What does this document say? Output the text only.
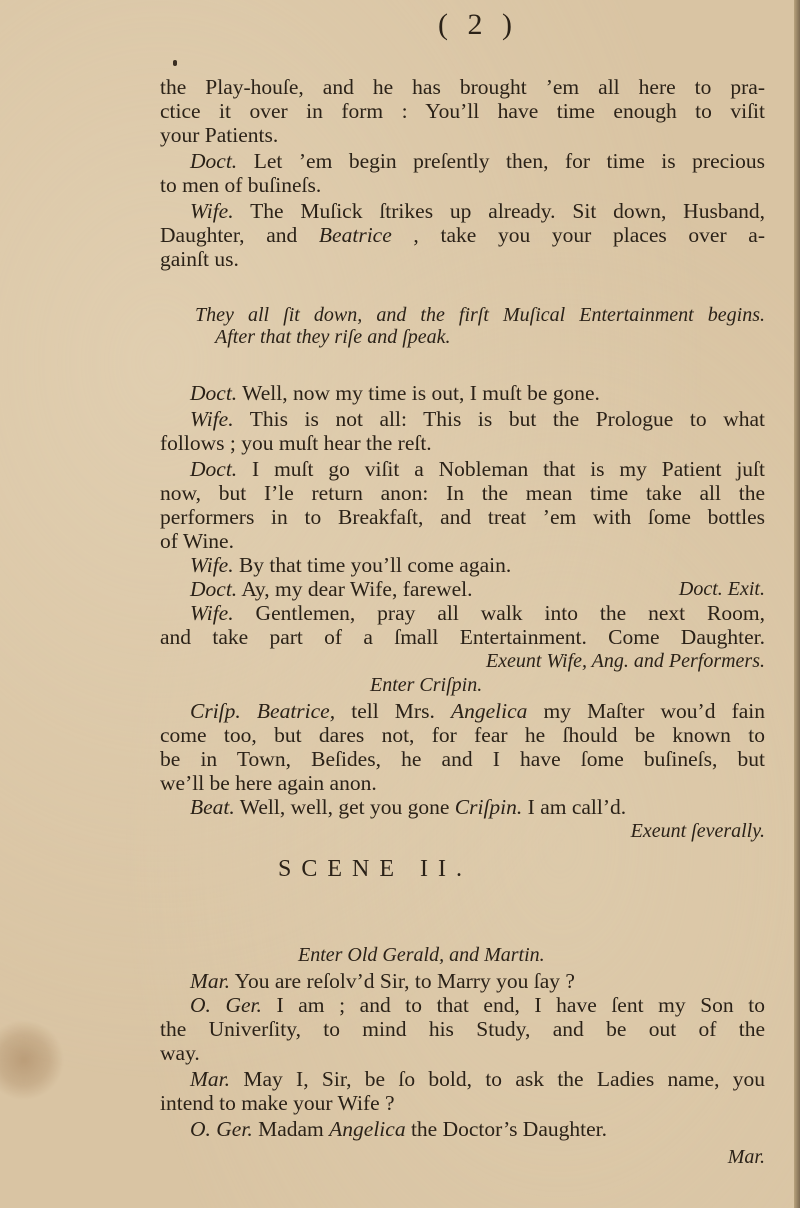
( 2 )
the Play-houſe, and he has brought ’em all here to pra-
ctice it over in form : You’ll have time enough to viſit
your Patients.
Doct. Let ’em begin preſently then, for time is precious
to men of buſineſs.
Wife. The Muſick ſtrikes up already. Sit down, Husband,
Daughter, and Beatrice , take you your places over a-
gainſt us.
They all ſit down, and the firſt Muſical Entertainment begins.
After that they riſe and ſpeak.
Doct. Well, now my time is out, I muſt be gone.
Wife. This is not all: This is but the Prologue to what
follows ; you muſt hear the reſt.
Doct. I muſt go viſit a Nobleman that is my Patient juſt
now, but I’le return anon: In the mean time take all the
performers in to Breakfaſt, and treat ’em with ſome bottles
of Wine.
Wife. By that time you’ll come again.
Doct. Ay, my dear Wife, farewel.	Doct. Exit.
Wife. Gentlemen, pray all walk into the next Room,
and take part of a ſmall Entertainment. Come Daughter.
Exeunt Wife, Ang. and Performers.
Enter Criſpin.
Criſp. Beatrice, tell Mrs. Angelica my Maſter wou’d fain
come too, but dares not, for fear he ſhould be known to
be in Town, Beſides, he and I have ſome buſineſs, but
we’ll be here again anon.
Beat. Well, well, get you gone Criſpin. I am call’d.
Exeunt ſeverally.
SCENE II.
Enter Old Gerald, and Martin.
Mar. You are reſolv’d Sir, to Marry you ſay ?
O. Ger. I am ; and to that end, I have ſent my Son to
the Univerſity, to mind his Study, and be out of the
way.
Mar. May I, Sir, be ſo bold, to ask the Ladies name, you
intend to make your Wife ?
O. Ger. Madam Angelica the Doctor’s Daughter.
Mar.
